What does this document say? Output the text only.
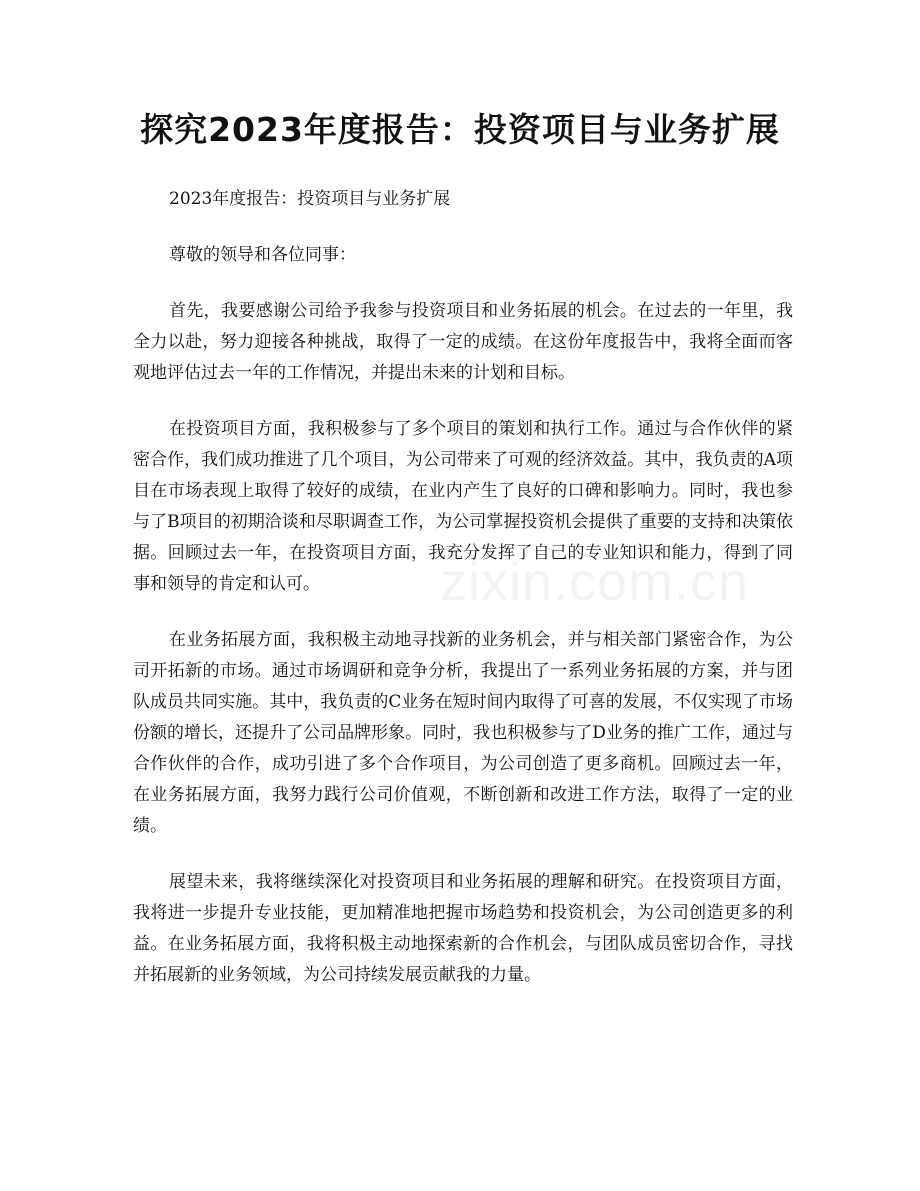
探究2023年度报告：投资项目与业务扩展
zixin.com.cn

2023年度报告：投资项目与业务扩展

尊敬的领导和各位同事：

首先，我要感谢公司给予我参与投资项目和业务拓展的机会。在过去的一年里，我全力以赴，努力迎接各种挑战，取得了一定的成绩。在这份年度报告中，我将全面而客观地评估过去一年的工作情况，并提出未来的计划和目标。

在投资项目方面，我积极参与了多个项目的策划和执行工作。通过与合作伙伴的紧密合作，我们成功推进了几个项目，为公司带来了可观的经济效益。其中，我负责的A项目在市场表现上取得了较好的成绩，在业内产生了良好的口碑和影响力。同时，我也参与了B项目的初期洽谈和尽职调查工作，为公司掌握投资机会提供了重要的支持和决策依据。回顾过去一年，在投资项目方面，我充分发挥了自己的专业知识和能力，得到了同事和领导的肯定和认可。

在业务拓展方面，我积极主动地寻找新的业务机会，并与相关部门紧密合作，为公司开拓新的市场。通过市场调研和竞争分析，我提出了一系列业务拓展的方案，并与团队成员共同实施。其中，我负责的C业务在短时间内取得了可喜的发展，不仅实现了市场份额的增长，还提升了公司品牌形象。同时，我也积极参与了D业务的推广工作，通过与合作伙伴的合作，成功引进了多个合作项目，为公司创造了更多商机。回顾过去一年，在业务拓展方面，我努力践行公司价值观，不断创新和改进工作方法，取得了一定的业绩。

展望未来，我将继续深化对投资项目和业务拓展的理解和研究。在投资项目方面，我将进一步提升专业技能，更加精准地把握市场趋势和投资机会，为公司创造更多的利益。在业务拓展方面，我将积极主动地探索新的合作机会，与团队成员密切合作，寻找并拓展新的业务领域，为公司持续发展贡献我的力量。
